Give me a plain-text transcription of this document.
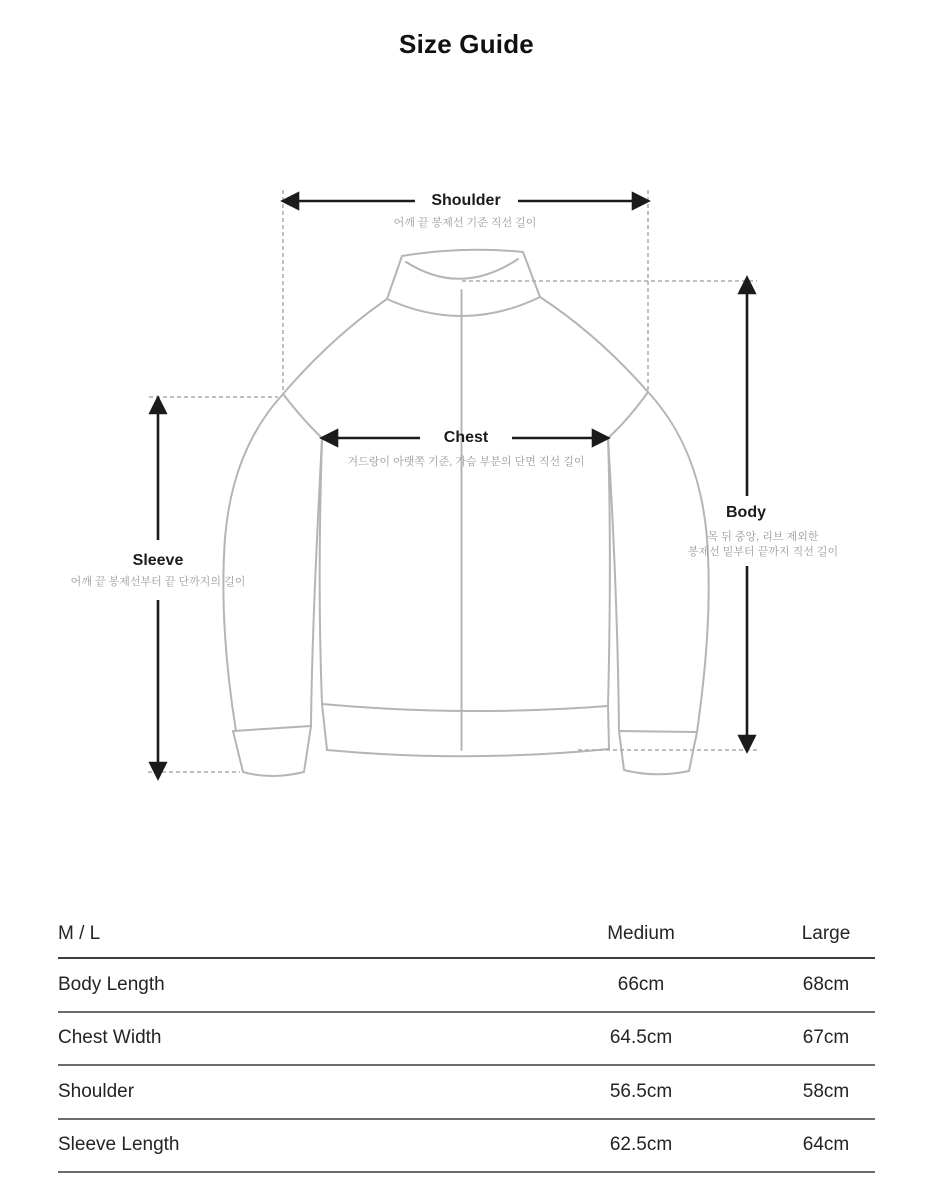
Size Guide
Shoulder
어깨 끝 봉제선 기준 직선 길이
Chest
겨드랑이 아랫쪽 기준, 가슴 부분의 단면 직선 길이
Body
목 뒤 중앙, 리브 제외한
봉제선 밑부터 끝까지 직선 길이
Sleeve
어깨 끝 봉제선부터 끝 단까지의 길이
M / L	Medium	Large
Body Length	66cm	68cm
Chest Width	64.5cm	67cm
Shoulder	56.5cm	58cm
Sleeve Length	62.5cm	64cm
